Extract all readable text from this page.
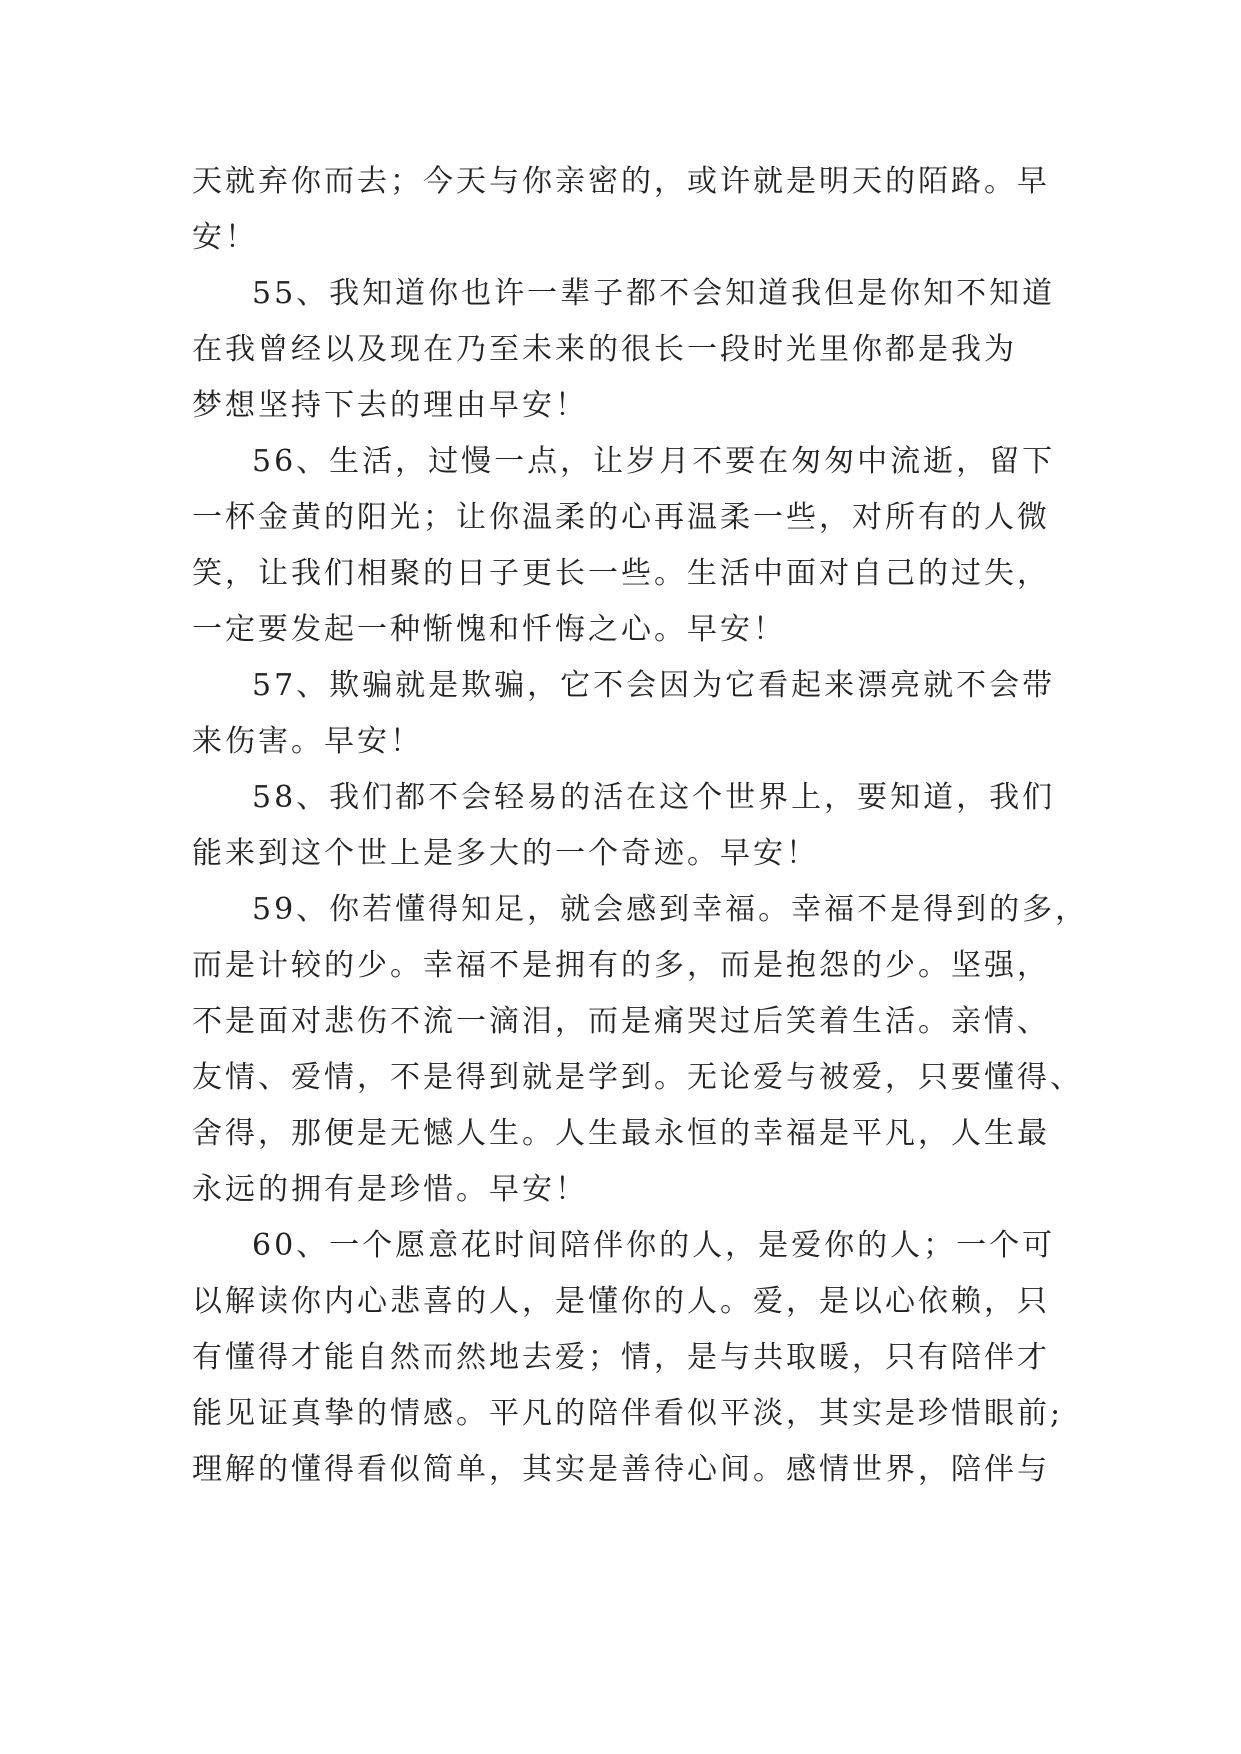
天就弃你而去；今天与你亲密的，或许就是明天的陌路。早
安！
55、我知道你也许一辈子都不会知道我但是你知不知道
在我曾经以及现在乃至未来的很长一段时光里你都是我为
梦想坚持下去的理由早安！
56、生活，过慢一点，让岁月不要在匆匆中流逝，留下
一杯金黄的阳光；让你温柔的心再温柔一些，对所有的人微
笑，让我们相聚的日子更长一些。生活中面对自己的过失，
一定要发起一种惭愧和忏悔之心。早安！
57、欺骗就是欺骗，它不会因为它看起来漂亮就不会带
来伤害。早安！
58、我们都不会轻易的活在这个世界上，要知道，我们
能来到这个世上是多大的一个奇迹。早安！
59、你若懂得知足，就会感到幸福。幸福不是得到的多，
而是计较的少。幸福不是拥有的多，而是抱怨的少。坚强，
不是面对悲伤不流一滴泪，而是痛哭过后笑着生活。亲情、
友情、爱情，不是得到就是学到。无论爱与被爱，只要懂得、
舍得，那便是无憾人生。人生最永恒的幸福是平凡，人生最
永远的拥有是珍惜。早安！
60、一个愿意花时间陪伴你的人，是爱你的人；一个可
以解读你内心悲喜的人，是懂你的人。爱，是以心依赖，只
有懂得才能自然而然地去爱；情，是与共取暖，只有陪伴才
能见证真挚的情感。平凡的陪伴看似平淡，其实是珍惜眼前;
理解的懂得看似简单，其实是善待心间。感情世界，陪伴与
